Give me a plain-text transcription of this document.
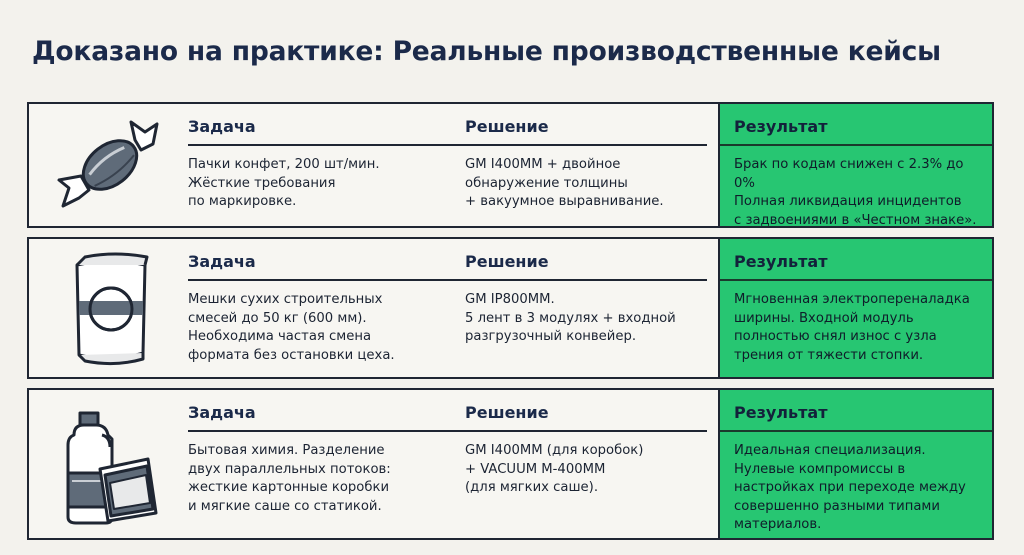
Доказано на практике: Реальные производственные кейсы
Задача
Пачки конфет, 200 шт/мин.
Жёсткие требования
по маркировке.
Решение
GM I400MM + двойное
обнаружение толщины
+ вакуумное выравнивание.
Результат
Брак по кодам снижен с 2.3% до 0%
Полная ликвидация инцидентов
с задвоениями в «Честном знаке».
Задача
Мешки сухих строительных
смесей до 50 кг (600 мм).
Необходима частая смена
формата без остановки цеха.
Решение
GM IP800MM.
5 лент в 3 модулях + входной
разгрузочный конвейер.
Результат
Мгновенная электропереналадка
ширины. Входной модуль
полностью снял износ с узла
трения от тяжести стопки.
Задача
Бытовая химия. Разделение
двух параллельных потоков:
жесткие картонные коробки
и мягкие саше со статикой.
Решение
GM I400MM (для коробок)
+ VACUUM M-400MM
(для мягких саше).
Результат
Идеальная специализация.
Нулевые компромиссы в
настройках при переходе между
совершенно разными типами
материалов.
